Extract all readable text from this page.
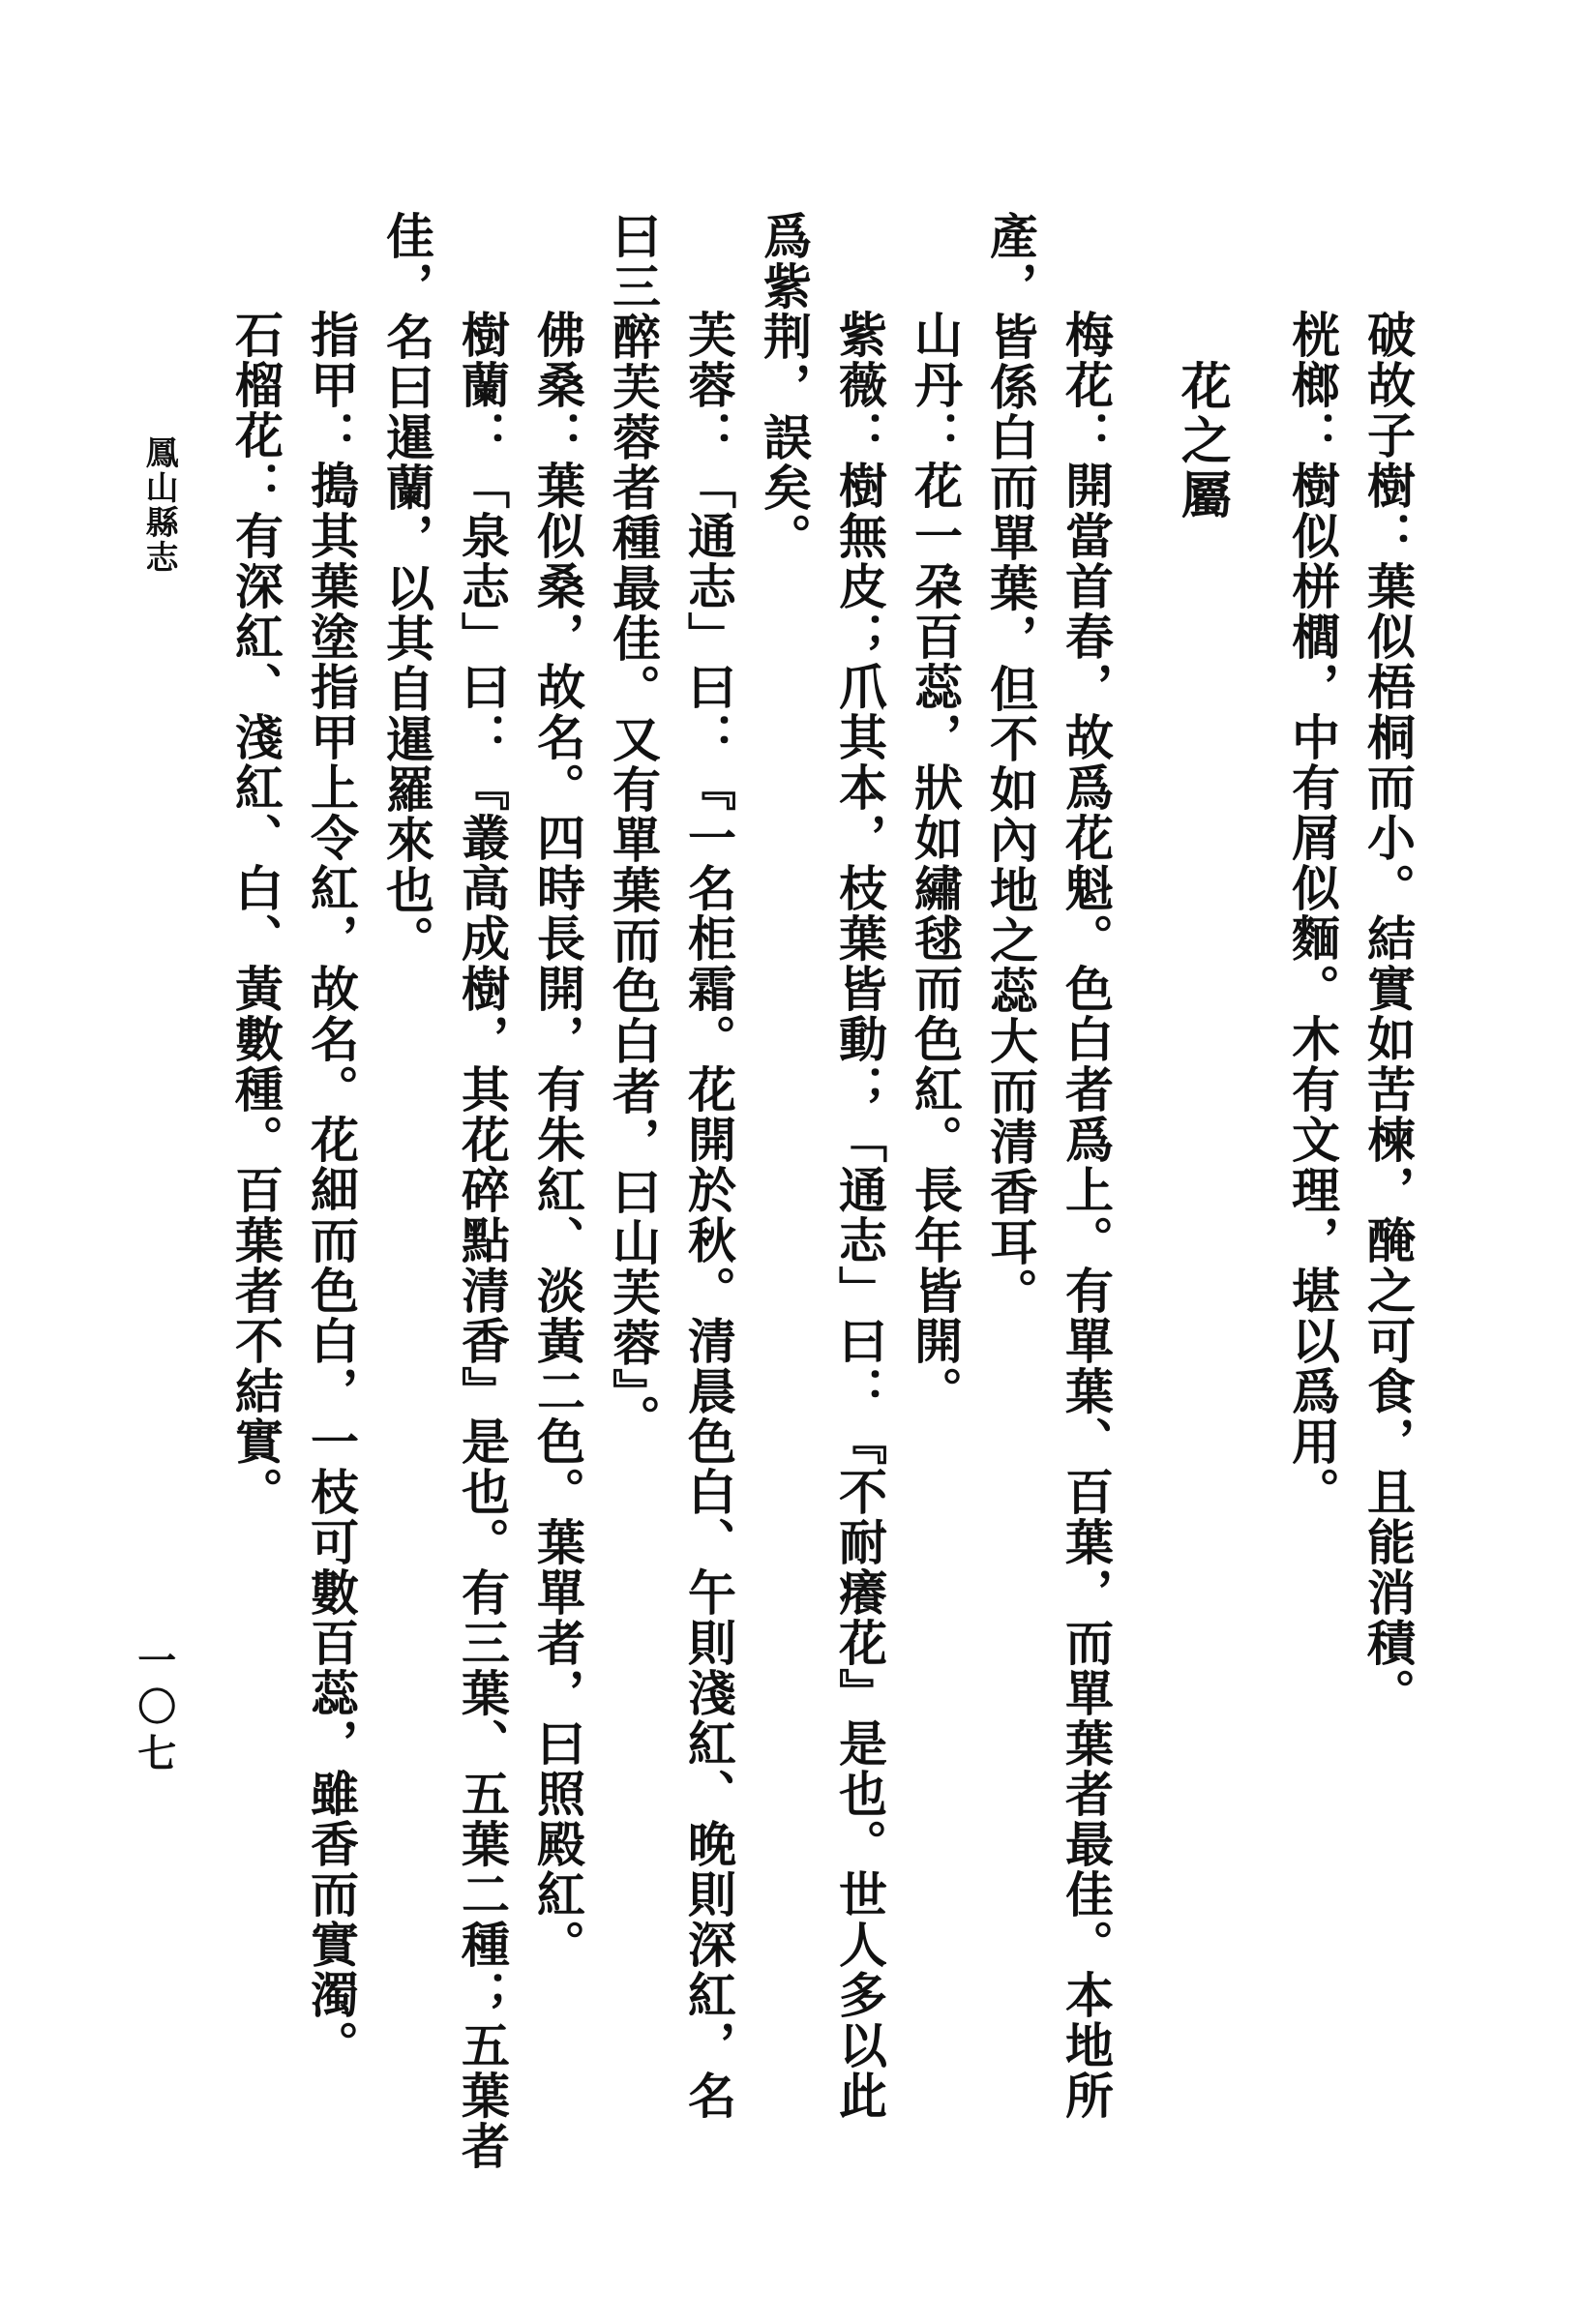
破故子樹：葉似梧桐而小。結實如苦楝，醃之可食，且能消積。
桄榔：樹似栟櫚，中有屑似麵。木有文理，堪以爲用。
花之屬
梅花：開當首春，故爲花魁。色白者爲上。有單葉、百葉，而單葉者最佳。本地所
產，皆係白而單葉，但不如內地之蕊大而清香耳。
山丹：花一朶百蕊，狀如繡毬而色紅。長年皆開。
紫薇：樹無皮；爪其本，枝葉皆動；「通志」曰：『不耐癢花』是也。世人多以此
爲紫荆，誤矣。
芙蓉：「通志」曰：『一名柜霜。花開於秋。清晨色白、午則淺紅、晚則深紅，名
曰三醉芙蓉者種最佳。又有單葉而色白者，曰山芙蓉』。
佛桑：葉似桑，故名。四時長開，有朱紅、淡黃二色。葉單者，曰照殿紅。
樹蘭：「泉志」曰：『叢高成樹，其花碎點清香』是也。有三葉、五葉二種；五葉者
佳，名曰暹蘭，以其自暹羅來也。
指甲：搗其葉塗指甲上令紅，故名。花細而色白，一枝可數百蕊，雖香而實濁。
石榴花：有深紅、淺紅、白、黃數種。百葉者不結實。
鳳山縣志
一〇七
